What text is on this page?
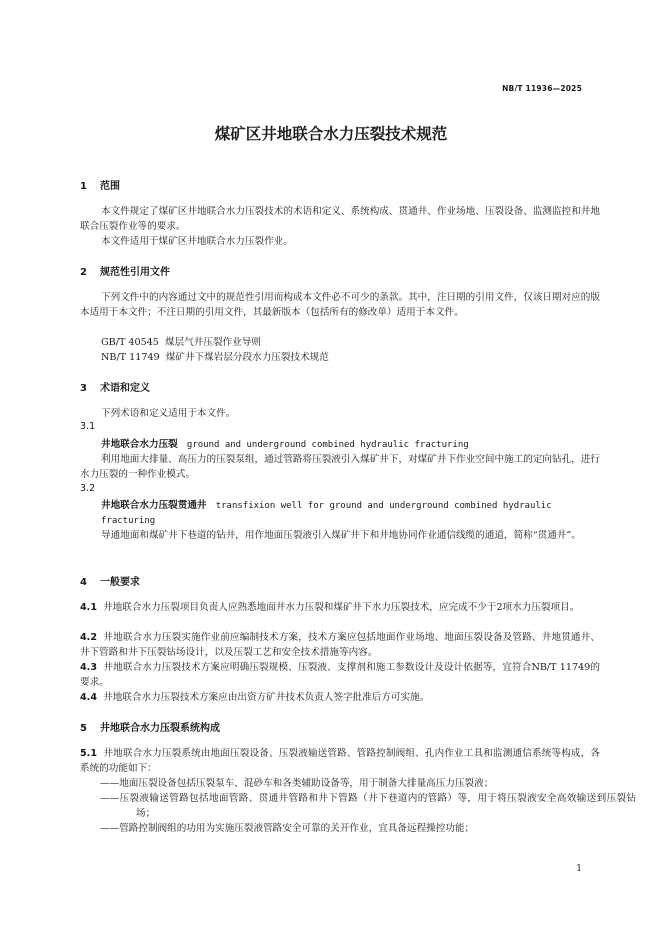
NB/T 11936—2025
煤矿区井地联合水力压裂技术规范
1 范围
本文件规定了煤矿区井地联合水力压裂技术的术语和定义、系统构成、贯通井、作业场地、压裂设备、监测监控和井地联合压裂作业等的要求。
本文件适用于煤矿区井地联合水力压裂作业。
2 规范性引用文件
下列文件中的内容通过文中的规范性引用而构成本文件必不可少的条款。其中，注日期的引用文件，仅该日期对应的版本适用于本文件；不注日期的引用文件，其最新版本（包括所有的修改单）适用于本文件。
GB/T 40545 煤层气井压裂作业导则
NB/T 11749 煤矿井下煤岩层分段水力压裂技术规范
3 术语和定义
下列术语和定义适用于本文件。
3.1
井地联合水力压裂 ground and underground combined hydraulic fracturing
利用地面大排量、高压力的压裂泵组，通过管路将压裂液引入煤矿井下，对煤矿井下作业空间中施工的定向钻孔，进行水力压裂的一种作业模式。
3.2
井地联合水力压裂贯通井 transfixion well for ground and underground combined hydraulic
fracturing
导通地面和煤矿井下巷道的钻井，用作地面压裂液引入煤矿井下和井地协同作业通信线缆的通道，简称“贯通井”。
4 一般要求
4.1 井地联合水力压裂项目负责人应熟悉地面井水力压裂和煤矿井下水力压裂技术，应完成不少于2项水力压裂项目。
4.2 井地联合水力压裂实施作业前应编制技术方案，技术方案应包括地面作业场地、地面压裂设备及管路、井地贯通井、井下管路和井下压裂钻场设计，以及压裂工艺和安全技术措施等内容。
4.3 井地联合水力压裂技术方案应明确压裂规模、压裂液、支撑剂和施工参数设计及设计依据等，宜符合NB/T 11749的要求。
4.4 井地联合水力压裂技术方案应由出资方矿井技术负责人签字批准后方可实施。
5 井地联合水力压裂系统构成
5.1 井地联合水力压裂系统由地面压裂设备、压裂液输送管路、管路控制阀组、孔内作业工具和监测通信系统等构成，各系统的功能如下：
——地面压裂设备包括压裂泵车、混砂车和各类辅助设备等，用于制备大排量高压力压裂液；
——压裂液输送管路包括地面管路、贯通井管路和井下管路（井下巷道内的管路）等，用于将压裂液安全高效输送到压裂钻场；
——管路控制阀组的功用为实施压裂液管路安全可靠的关开作业，宜具备远程操控功能；
1
